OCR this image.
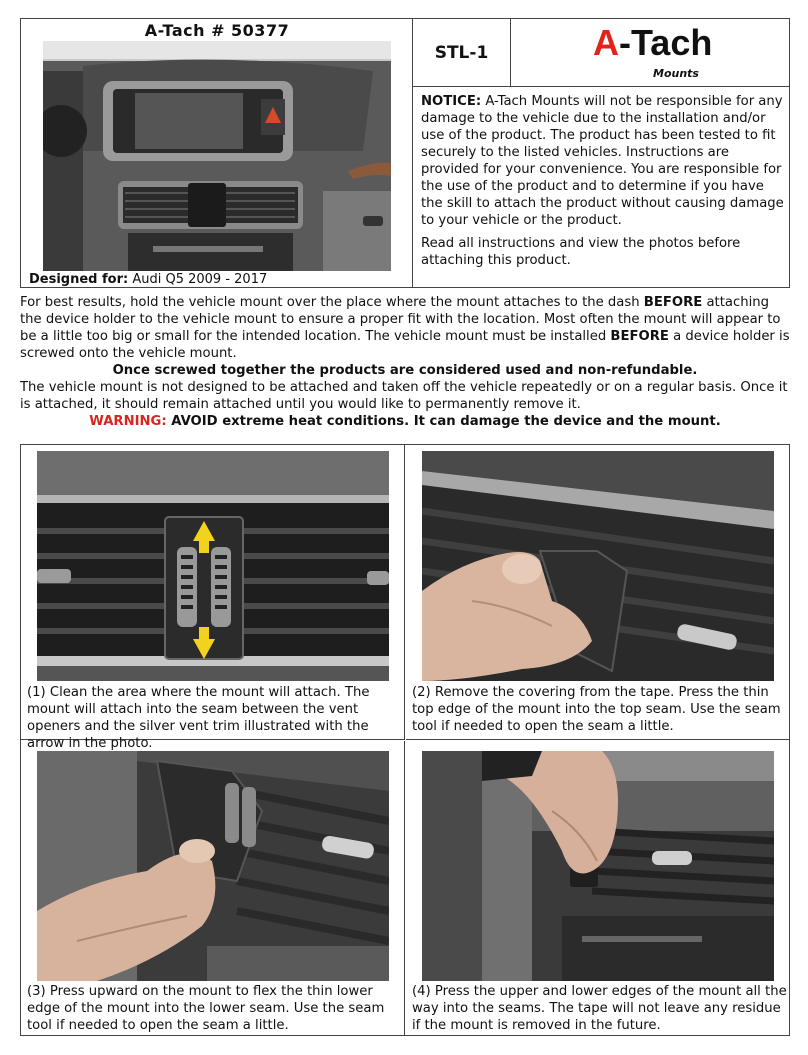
A-Tach # 50377
Designed for: Audi Q5 2009 - 2017
STL-1	A-Tach
Mounts

NOTICE: A-Tach Mounts will not be responsible for any damage to the vehicle due to the installation and/or use of the product. The product has been tested to fit securely to the listed vehicles. Instructions are provided for your convenience. You are responsible for the use of the product and to determine if you have the skill to attach the product without causing damage to your vehicle or the product.

Read all instructions and view the photos before attaching this product.

For best results, hold the vehicle mount over the place where the mount attaches to the dash BEFORE attaching the device holder to the vehicle mount to ensure a proper fit with the location. Most often the mount will appear to be a little too big or small for the intended location. The vehicle mount must be installed BEFORE a device holder is screwed onto the vehicle mount.

Once screwed together the products are considered used and non-refundable.

The vehicle mount is not designed to be attached and taken off the vehicle repeatedly or on a regular basis. Once it is attached, it should remain attached until you would like to permanently remove it.

WARNING: AVOID extreme heat conditions. It can damage the device and the mount.

(1) Clean the area where the mount will attach. The mount will attach into the seam between the vent openers and the silver vent trim illustrated with the arrow in the photo.
(2) Remove the covering from the tape. Press the thin top edge of the mount into the top seam. Use the seam tool if needed to open the seam a little.
(3) Press upward on the mount to flex the thin lower edge of the mount into the lower seam. Use the seam tool if needed to open the seam a little.
(4) Press the upper and lower edges of the mount all the way into the seams. The tape will not leave any residue if the mount is removed in the future.
